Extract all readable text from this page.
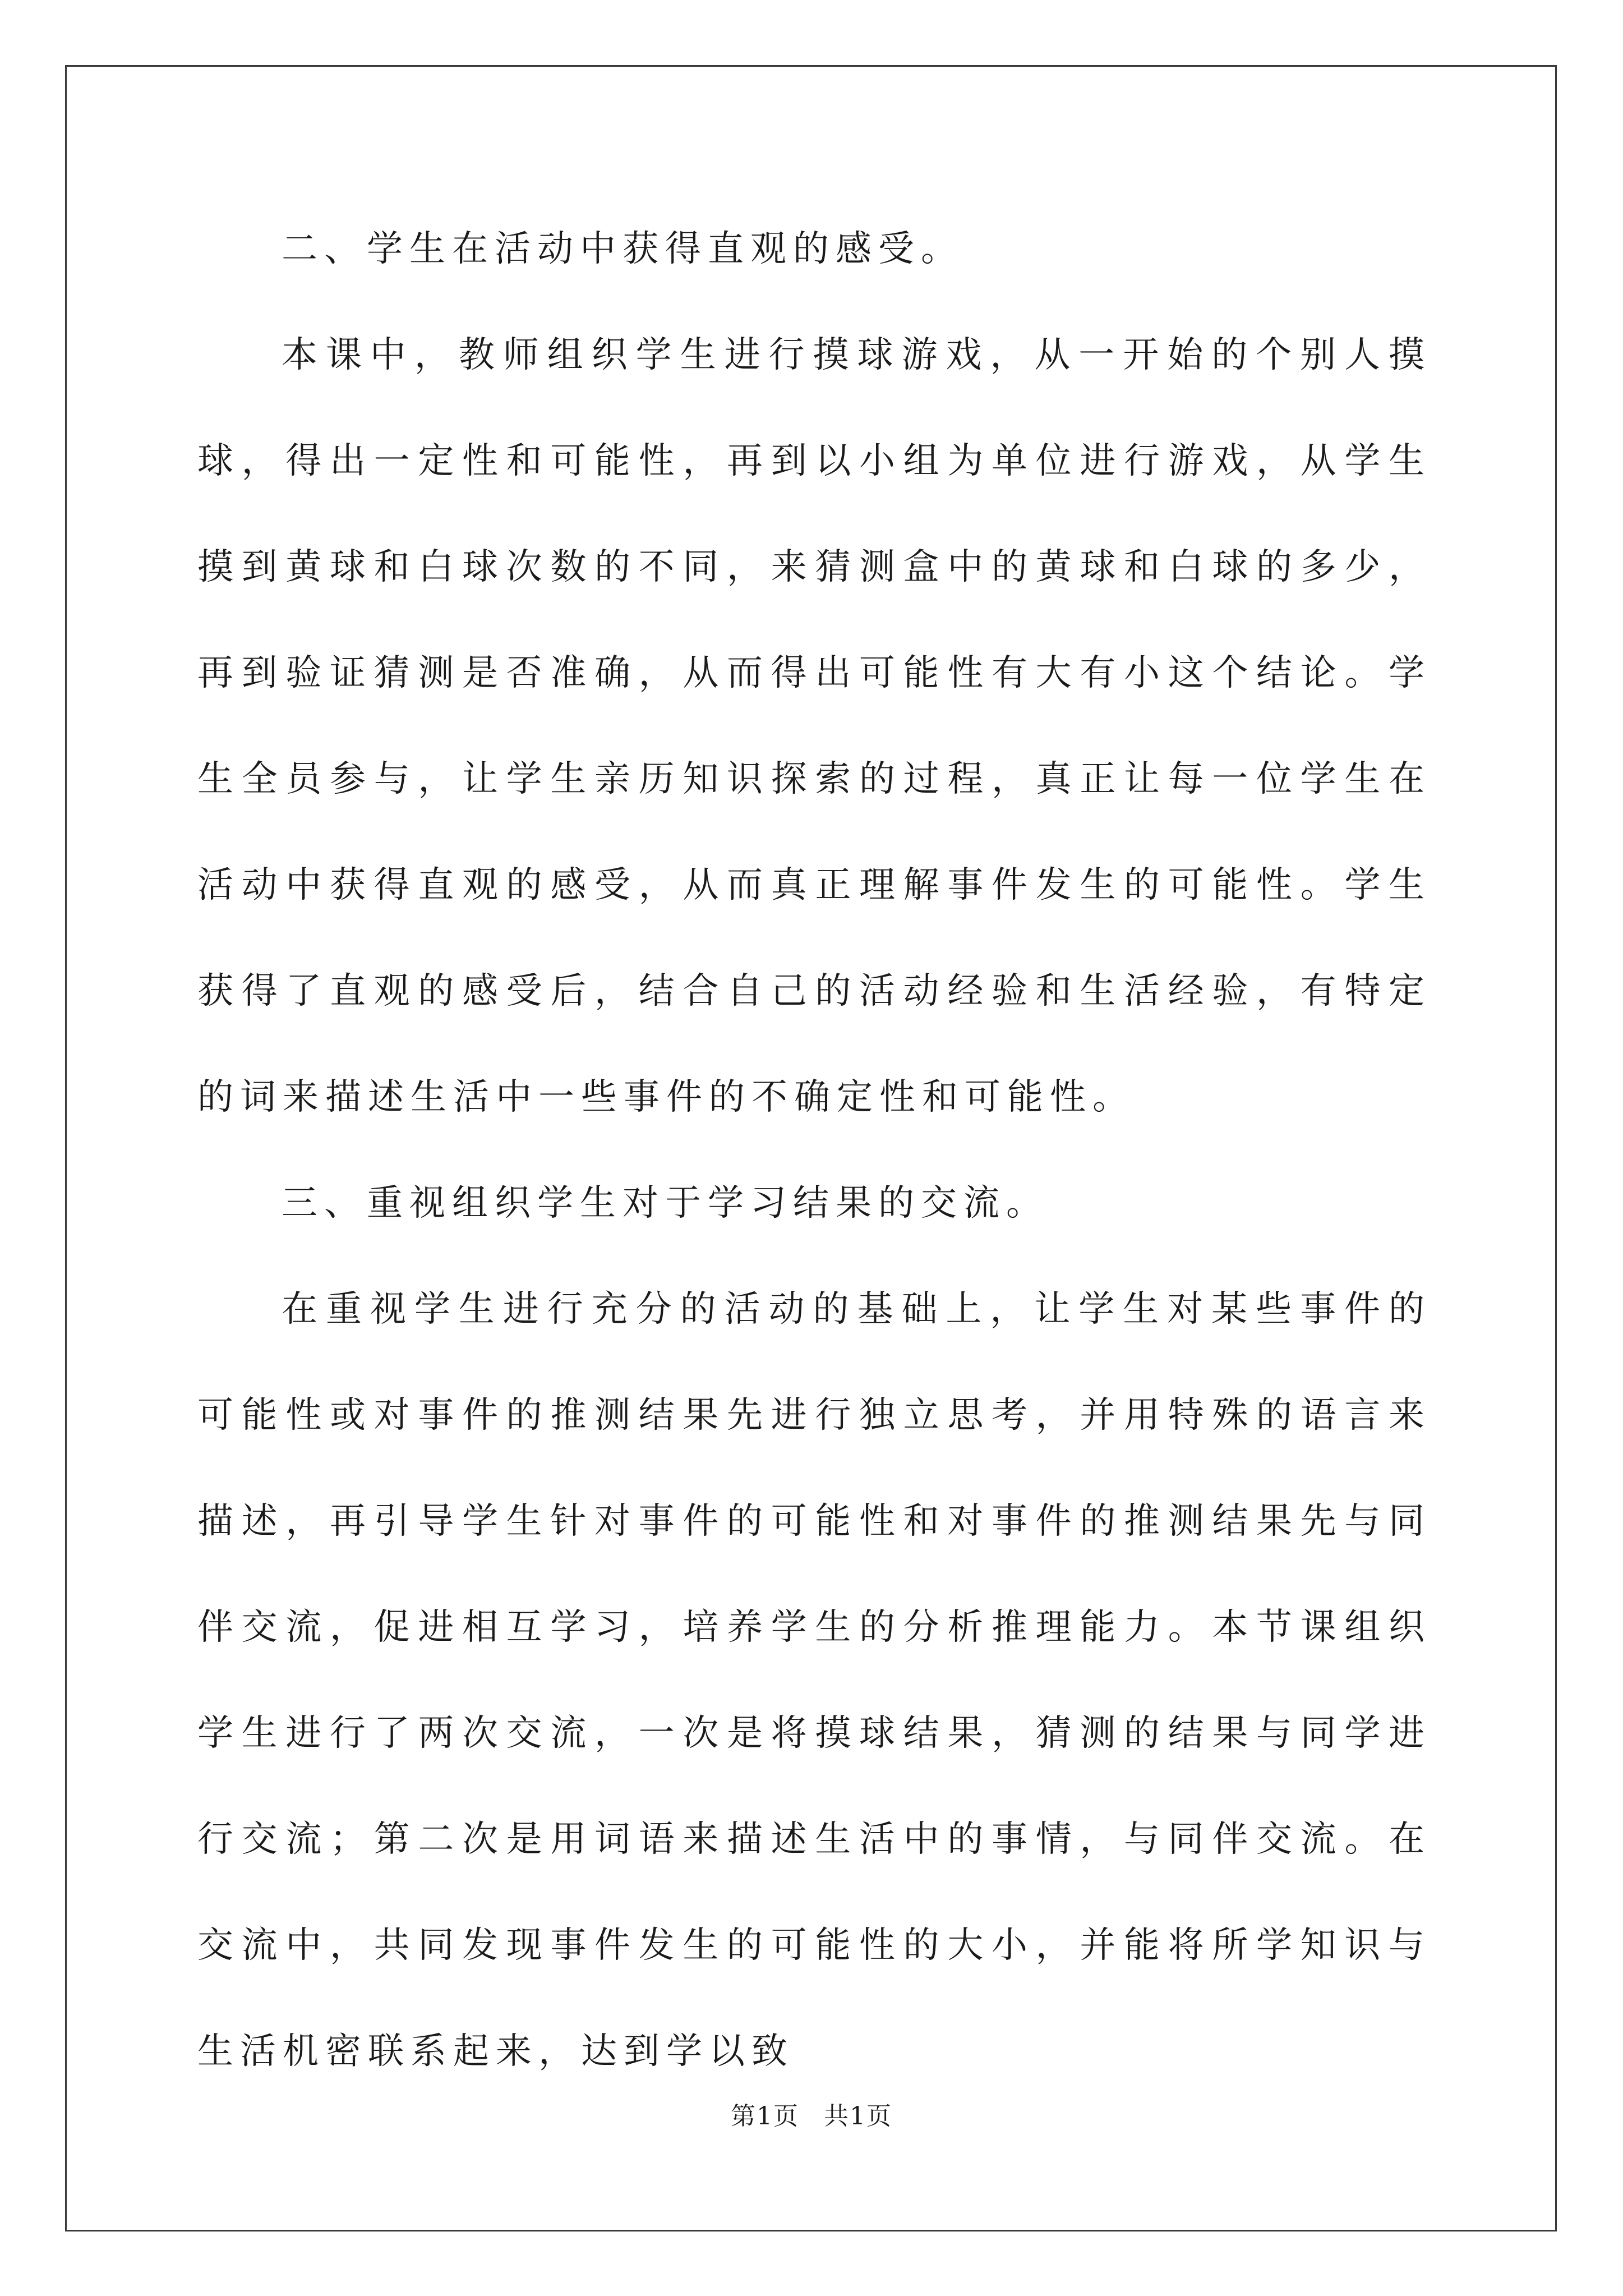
二、学生在活动中获得直观的感受。

本课中，教师组织学生进行摸球游戏，从一开始的个别人摸球，得出一定性和可能性，再到以小组为单位进行游戏，从学生摸到黄球和白球次数的不同，来猜测盒中的黄球和白球的多少，再到验证猜测是否准确，从而得出可能性有大有小这个结论。学生全员参与，让学生亲历知识探索的过程，真正让每一位学生在活动中获得直观的感受，从而真正理解事件发生的可能性。学生获得了直观的感受后，结合自己的活动经验和生活经验，有特定的词来描述生活中一些事件的不确定性和可能性。

三、重视组织学生对于学习结果的交流。

在重视学生进行充分的活动的基础上，让学生对某些事件的可能性或对事件的推测结果先进行独立思考，并用特殊的语言来描述，再引导学生针对事件的可能性和对事件的推测结果先与同伴交流，促进相互学习，培养学生的分析推理能力。本节课组织学生进行了两次交流，一次是将摸球结果，猜测的结果与同学进行交流；第二次是用词语来描述生活中的事情，与同伴交流。在交流中，共同发现事件发生的可能性的大小，并能将所学知识与生活机密联系起来，达到学以致

第1页 共1页
